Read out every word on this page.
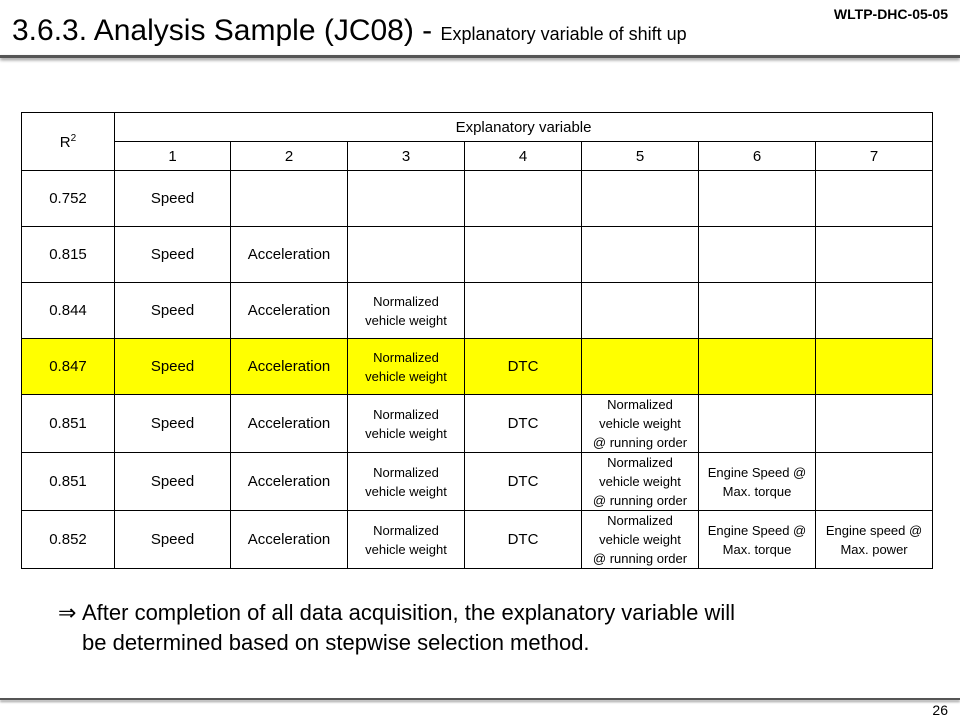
WLTP-DHC-05-05
3.6.3. Analysis Sample (JC08) - Explanatory variable of shift up
$R^2$	Explanatory variable						
	1	2	3	4	5	6	7
0.752	Speed						
0.815	Speed	Acceleration					
0.844	Speed	Acceleration	Normalized
vehicle weight				
0.847	Speed	Acceleration	Normalized
vehicle weight	DTC			
0.851	Speed	Acceleration	Normalized
vehicle weight	DTC	Normalized
vehicle weight
@ running order		
0.851	Speed	Acceleration	Normalized
vehicle weight	DTC	Normalized
vehicle weight
@ running order	Engine Speed @
Max. torque	
0.852	Speed	Acceleration	Normalized
vehicle weight	DTC	Normalized
vehicle weight
@ running order	Engine Speed @
Max. torque	Engine speed @
Max. power
⇒ After completion of all data acquisition, the explanatory variable will
be determined based on stepwise selection method.
26
